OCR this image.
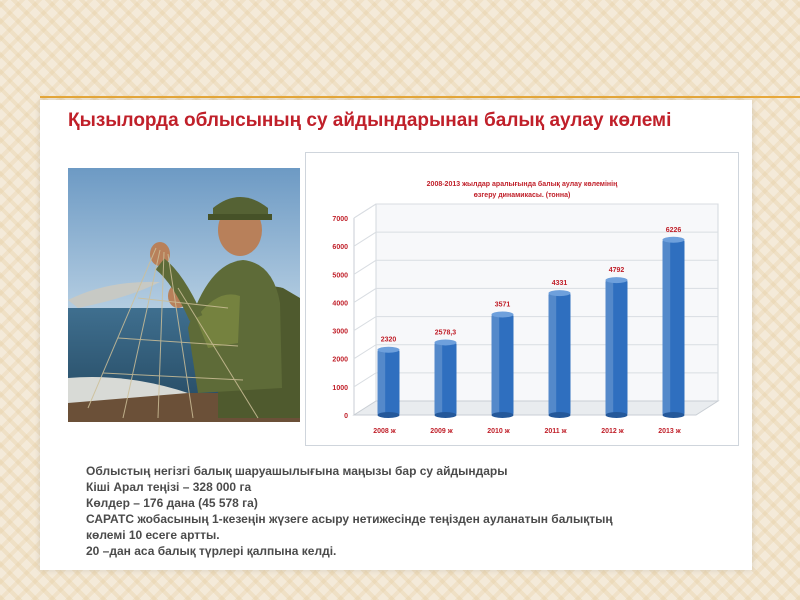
Қызылорда облысының су айдындарынан балық аулау көлемі
2008-2013 жылдар аралығында балық аулау көлемінің
өзгеру динамикасы. (тонна)
0
1000
2000
3000
4000
5000
6000
7000
2320
2008 ж
2578,3
2009 ж
3571
2010 ж
4331
2011 ж
4792
2012 ж
6226
2013 ж
Облыстың негізгі балық шаруашылығына маңызы бар су айдындары
Кіші Арал теңізі – 328 000 га
Көлдер – 176 дана (45 578 га)
САРАТС жобасының 1-кезеңін жүзеге асыру нетижесінде теңізден ауланатын балықтың
көлемі 10 есеге артты.
20 –дан аса балық түрлері қалпына келді.
